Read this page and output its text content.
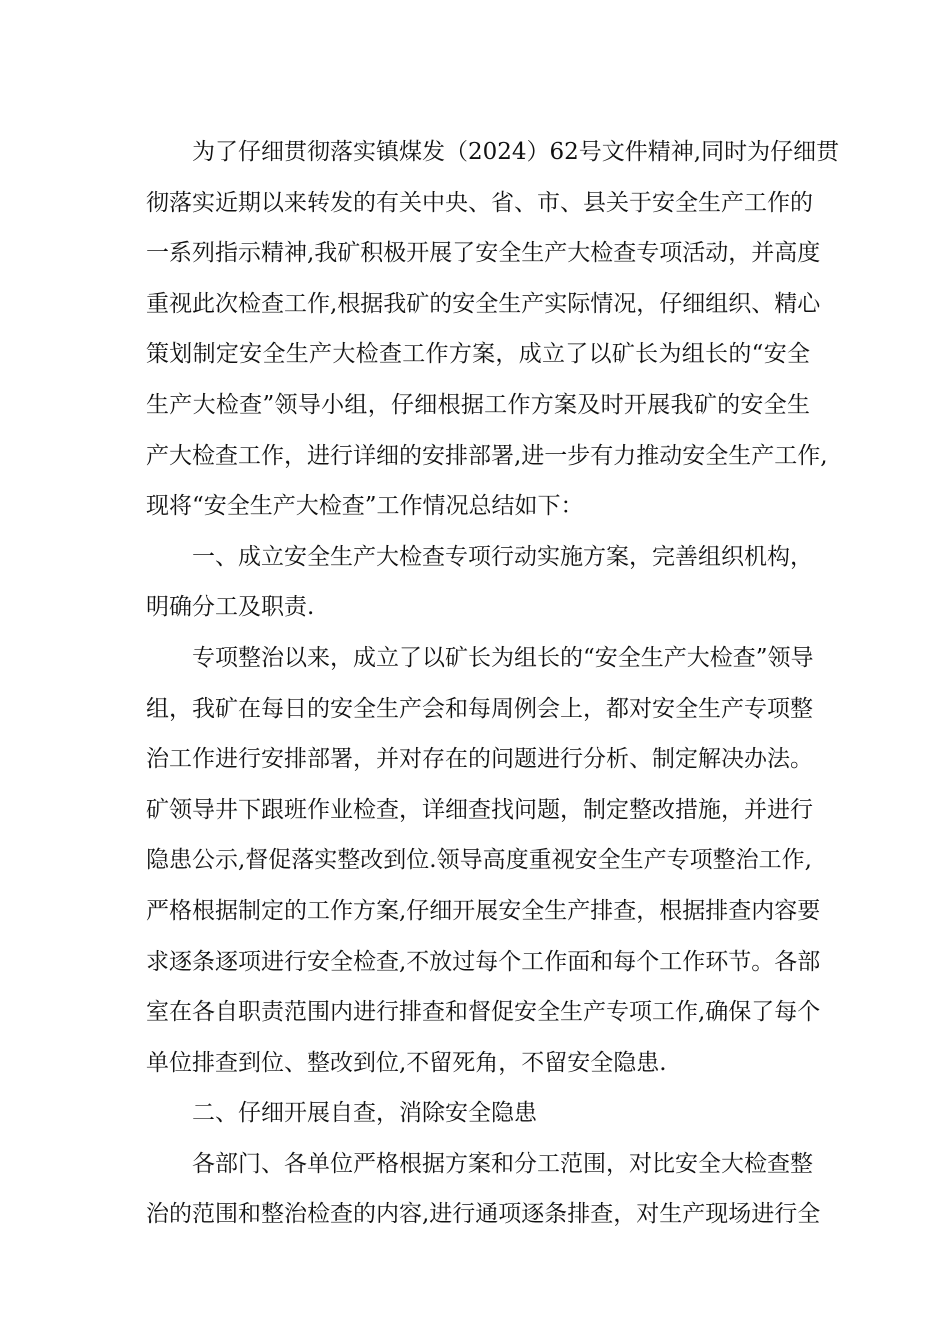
为了仔细贯彻落实镇煤发（2024）62号文件精神,同时为仔细贯
彻落实近期以来转发的有关中央、省、市、县关于安全生产工作的
一系列指示精神,我矿积极开展了安全生产大检查专项活动，并高度
重视此次检查工作,根据我矿的安全生产实际情况，仔细组织、精心
策划制定安全生产大检查工作方案，成立了以矿长为组长的“安全
生产大检查”领导小组，仔细根据工作方案及时开展我矿的安全生
产大检查工作，进行详细的安排部署,进一步有力推动安全生产工作,
现将“安全生产大检查”工作情况总结如下：
一、成立安全生产大检查专项行动实施方案，完善组织机构，
明确分工及职责.
专项整治以来，成立了以矿长为组长的“安全生产大检查”领导
组，我矿在每日的安全生产会和每周例会上，都对安全生产专项整
治工作进行安排部署，并对存在的问题进行分析、制定解决办法。
矿领导井下跟班作业检查，详细查找问题，制定整改措施，并进行
隐患公示,督促落实整改到位.领导高度重视安全生产专项整治工作,
严格根据制定的工作方案,仔细开展安全生产排查，根据排查内容要
求逐条逐项进行安全检查,不放过每个工作面和每个工作环节。各部
室在各自职责范围内进行排查和督促安全生产专项工作,确保了每个
单位排查到位、整改到位,不留死角，不留安全隐患.
二、仔细开展自查，消除安全隐患
各部门、各单位严格根据方案和分工范围，对比安全大检查整
治的范围和整治检查的内容,进行通项逐条排查，对生产现场进行全
